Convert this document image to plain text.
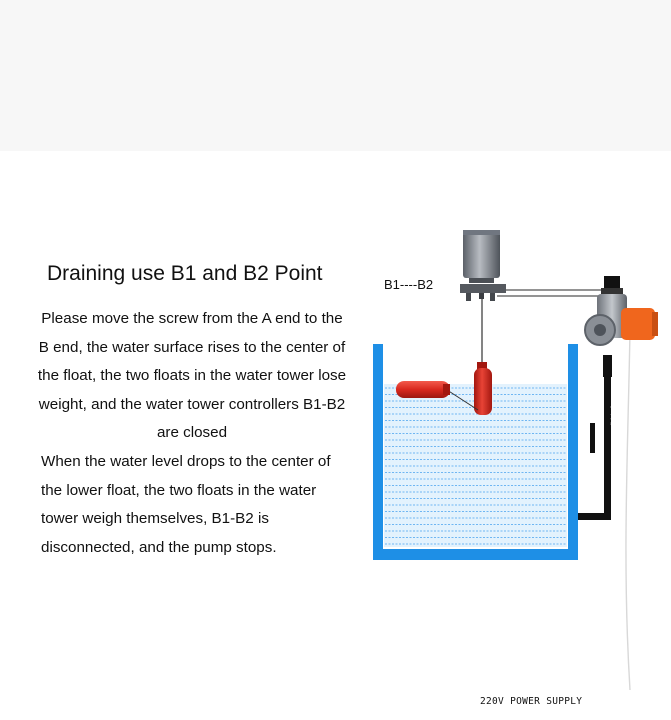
Draining use B1 and B2 Point

Please move the screw from the A end to the B end, the water surface rises to the center of the float, the two floats in the water tower lose weight, and the water tower controllers B1-B2 are closed

When the water level drops to the center of the lower float, the two floats in the water tower weigh themselves, B1-B2 is disconnected, and the pump stops.

供
水
管
B1----B2
220V POWER SUPPLY
